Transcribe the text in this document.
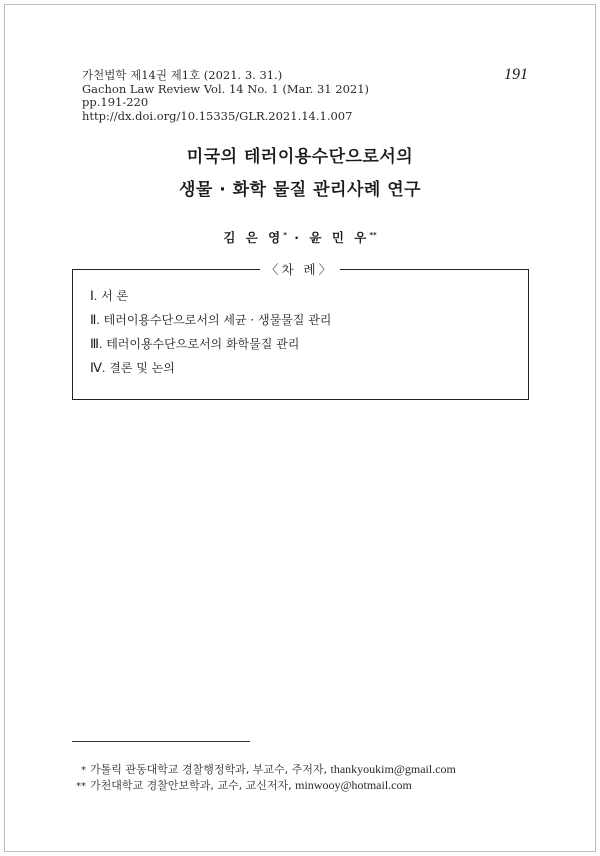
가천법학 제14권 제1호 (2021. 3. 31.)
Gachon Law Review Vol. 14 No. 1 (Mar. 31 2021)
pp.191-220
http://dx.doi.org/10.15335/GLR.2021.14.1.007
191
미국의 테러이용수단으로서의
생물 · 화학 물질 관리사례 연구
김 은 영* · 윤 민 우**
〈차 례〉
Ⅰ. 서 론
Ⅱ. 테러이용수단으로서의 세균 · 생물물질 관리
Ⅲ. 테러이용수단으로서의 화학물질 관리
Ⅳ. 결론 및 논의
* 가톨릭 관동대학교 경찰행정학과, 부교수, 주저자, thankyoukim@gmail.com
** 가천대학교 경찰안보학과, 교수, 교신저자, minwooy@hotmail.com
